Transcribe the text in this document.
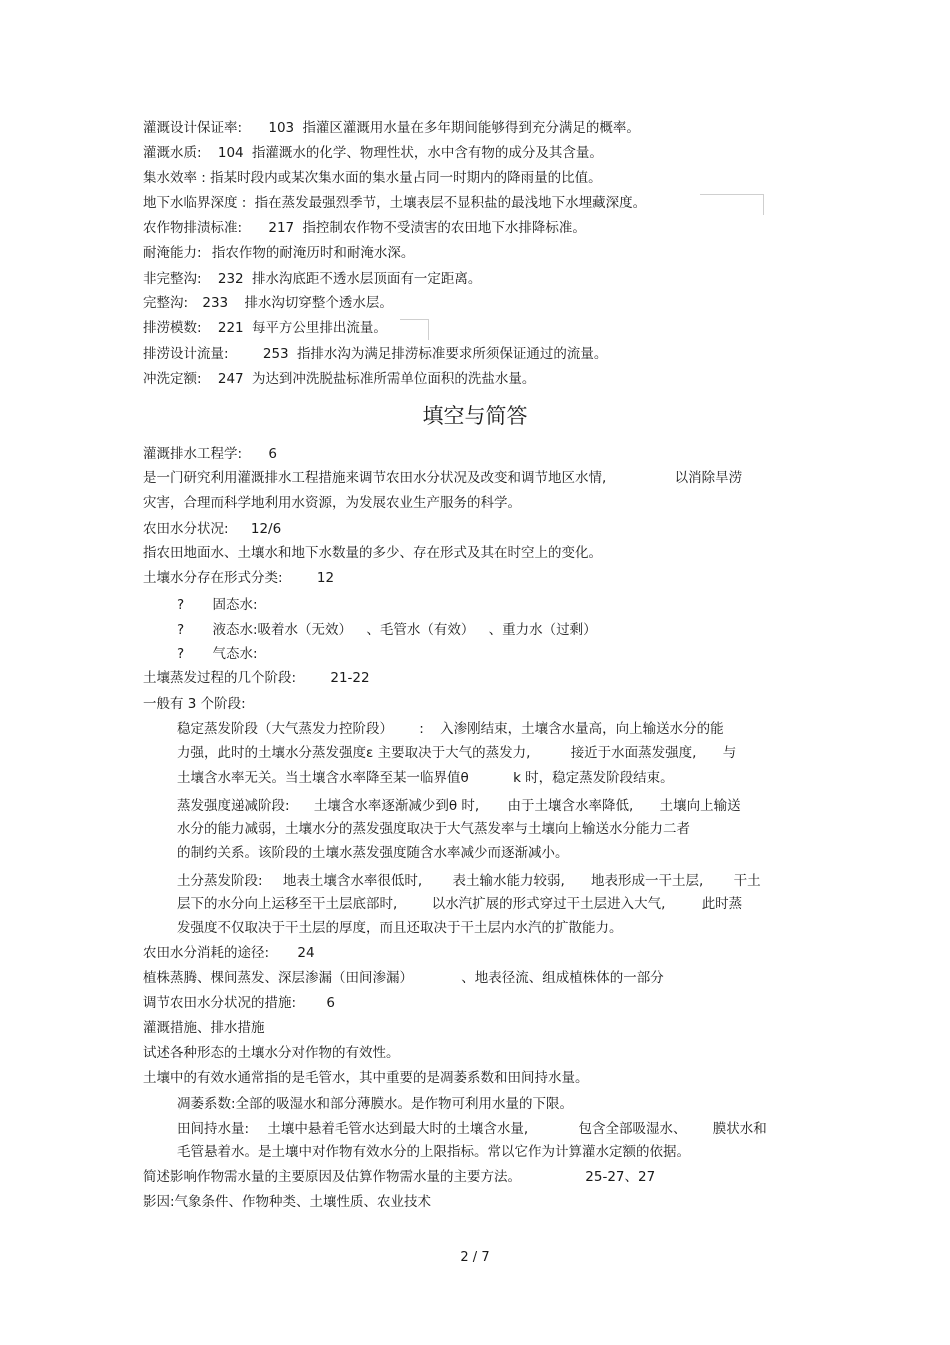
灌溉设计保证率: 103 指灌区灌溉用水量在多年期间能够得到充分满足的概率。
灌溉水质: 104 指灌溉水的化学、物理性状，水中含有物的成分及其含量。
集水效率 : 指某时段内或某次集水面的集水量占同一时期内的降雨量的比值。
地下水临界深度 : 指在蒸发最强烈季节，土壤表层不显积盐的最浅地下水埋藏深度。
农作物排渍标准: 217 指控制农作物不受渍害的农田地下水排降标准。
耐淹能力: 指农作物的耐淹历时和耐淹水深。
非完整沟: 232 排水沟底距不透水层顶面有一定距离。
完整沟: 233 排水沟切穿整个透水层。
排涝模数: 221 每平方公里排出流量。
排涝设计流量:	253 指排水沟为满足排涝标准要求所须保证通过的流量。
冲洗定额: 247 为达到冲洗脱盐标准所需单位面积的洗盐水量。
填空与简答
灌溉排水工程学: 6
是一门研究利用灌溉排水工程措施来调节农田水分状况及改变和调节地区水情,	以消除旱涝
灾害，合理而科学地利用水资源，为发展农业生产服务的科学。
农田水分状况: 12/6
指农田地面水、土壤水和地下水数量的多少、存在形式及其在时空上的变化。
土壤水分存在形式分类:	12
? 固态水:
? 液态水:吸着水（无效） 、毛管水（有效） 、重力水（过剩）
? 气态水:
土壤蒸发过程的几个阶段:	21-22
一般有 3 个阶段:
稳定蒸发阶段（大气蒸发力控阶段） : 入渗刚结束，土壤含水量高，向上输送水分的能
力强，此时的土壤水分蒸发强度ε 主要取决于大气的蒸发力,	接近于水面蒸发强度, 与
土壤含水率无关。当土壤含水率降至某一临界值θ	k 时，稳定蒸发阶段结束。
蒸发强度递减阶段: 土壤含水率逐渐减少到θ 时, 由于土壤含水率降低, 土壤向上输送
水分的能力减弱，土壤水分的蒸发强度取决于大气蒸发率与土壤向上输送水分能力二者
的制约关系。该阶段的土壤水蒸发强度随含水率减少而逐渐减小。
土分蒸发阶段: 地表土壤含水率很低时, 表土输水能力较弱, 地表形成一干土层, 干土
层下的水分向上运移至干土层底部时,	以水汽扩展的形式穿过干土层进入大气,	此时蒸
发强度不仅取决于干土层的厚度，而且还取决于干土层内水汽的扩散能力。
农田水分消耗的途径: 24
植株蒸腾、棵间蒸发、深层渗漏（田间渗漏）	、地表径流、组成植株体的一部分
调节农田水分状况的措施: 6
灌溉措施、排水措施
试述各种形态的土壤水分对作物的有效性。
土壤中的有效水通常指的是毛管水，其中重要的是凋萎系数和田间持水量。
凋萎系数:全部的吸湿水和部分薄膜水。是作物可利用水量的下限。
田间持水量: 土壤中悬着毛管水达到最大时的土壤含水量,	包含全部吸湿水、 膜状水和
毛管悬着水。是土壤中对作物有效水分的上限指标。常以它作为计算灌水定额的依据。
简述影响作物需水量的主要原因及估算作物需水量的主要方法。	25-27、27
影因:气象条件、作物种类、土壤性质、农业技术
2 / 7
